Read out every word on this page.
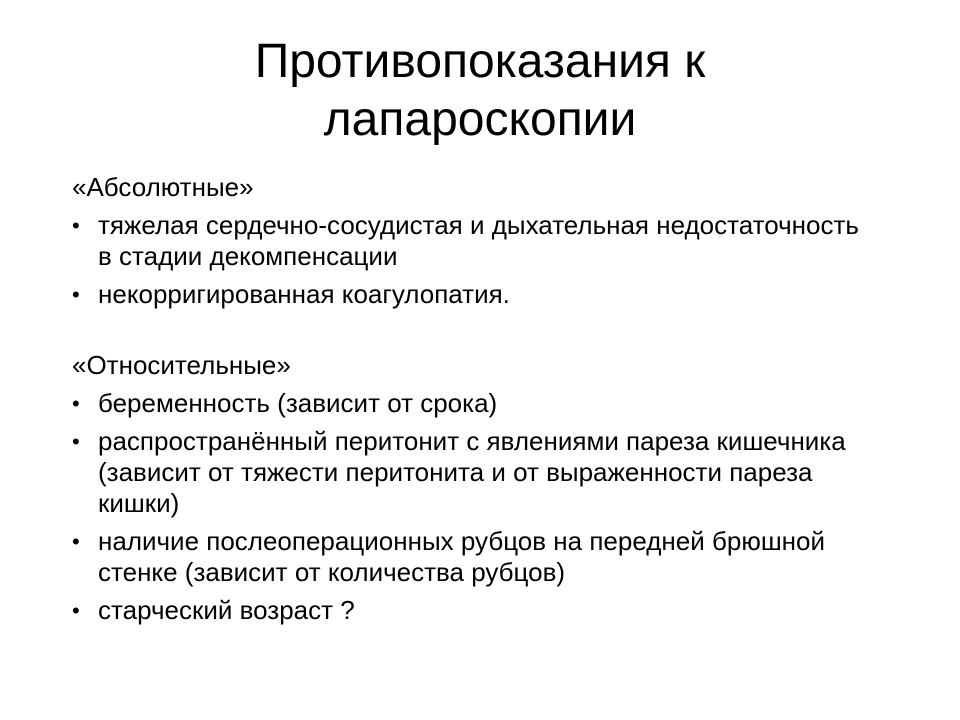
Противопоказания к
лапароскопии

«Абсолютные»

• тяжелая сердечно-сосудистая и дыхательная недостаточность в стадии декомпенсации
• некорригированная коагулопатия.

«Относительные»

• беременность (зависит от срока)
• распространённый перитонит с явлениями пареза кишечника (зависит от тяжести перитонита и от выраженности пареза кишки)
• наличие послеоперационных рубцов на передней брюшной стенке (зависит от количества рубцов)
• старческий возраст ?
